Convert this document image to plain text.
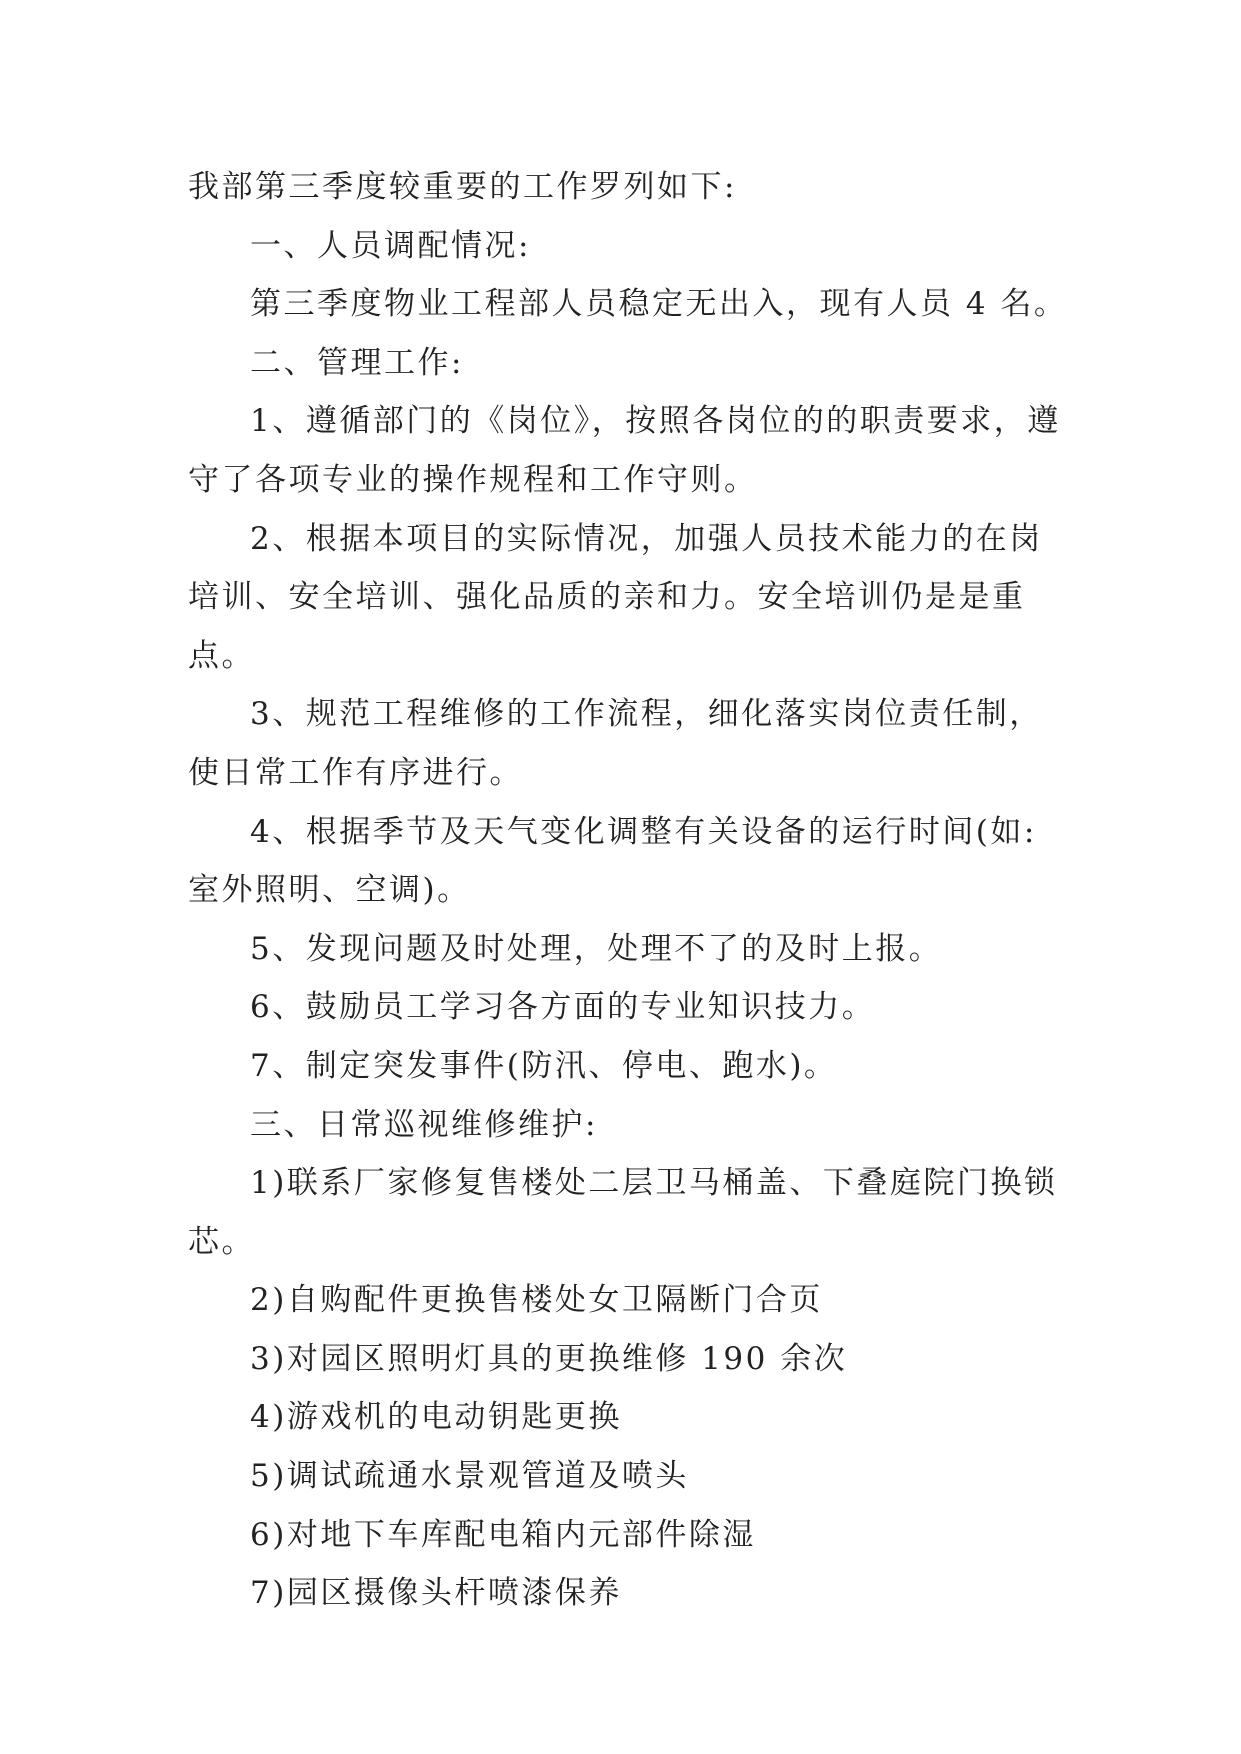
我部第三季度较重要的工作罗列如下:

一、人员调配情况:

第三季度物业工程部人员稳定无出入，现有人员 4 名。

二、管理工作:

1、遵循部门的《岗位》，按照各岗位的的职责要求，遵守了各项专业的操作规程和工作守则。

2、根据本项目的实际情况，加强人员技术能力的在岗培训、安全培训、强化品质的亲和力。安全培训仍是是重点。

3、规范工程维修的工作流程，细化落实岗位责任制，使日常工作有序进行。

4、根据季节及天气变化调整有关设备的运行时间(如:室外照明、空调)。

5、发现问题及时处理，处理不了的及时上报。

6、鼓励员工学习各方面的专业知识技力。

7、制定突发事件(防汛、停电、跑水)。

三、日常巡视维修维护:

1)联系厂家修复售楼处二层卫马桶盖、下叠庭院门换锁芯。

2)自购配件更换售楼处女卫隔断门合页

3)对园区照明灯具的更换维修 190 余次

4)游戏机的电动钥匙更换

5)调试疏通水景观管道及喷头

6)对地下车库配电箱内元部件除湿

7)园区摄像头杆喷漆保养
